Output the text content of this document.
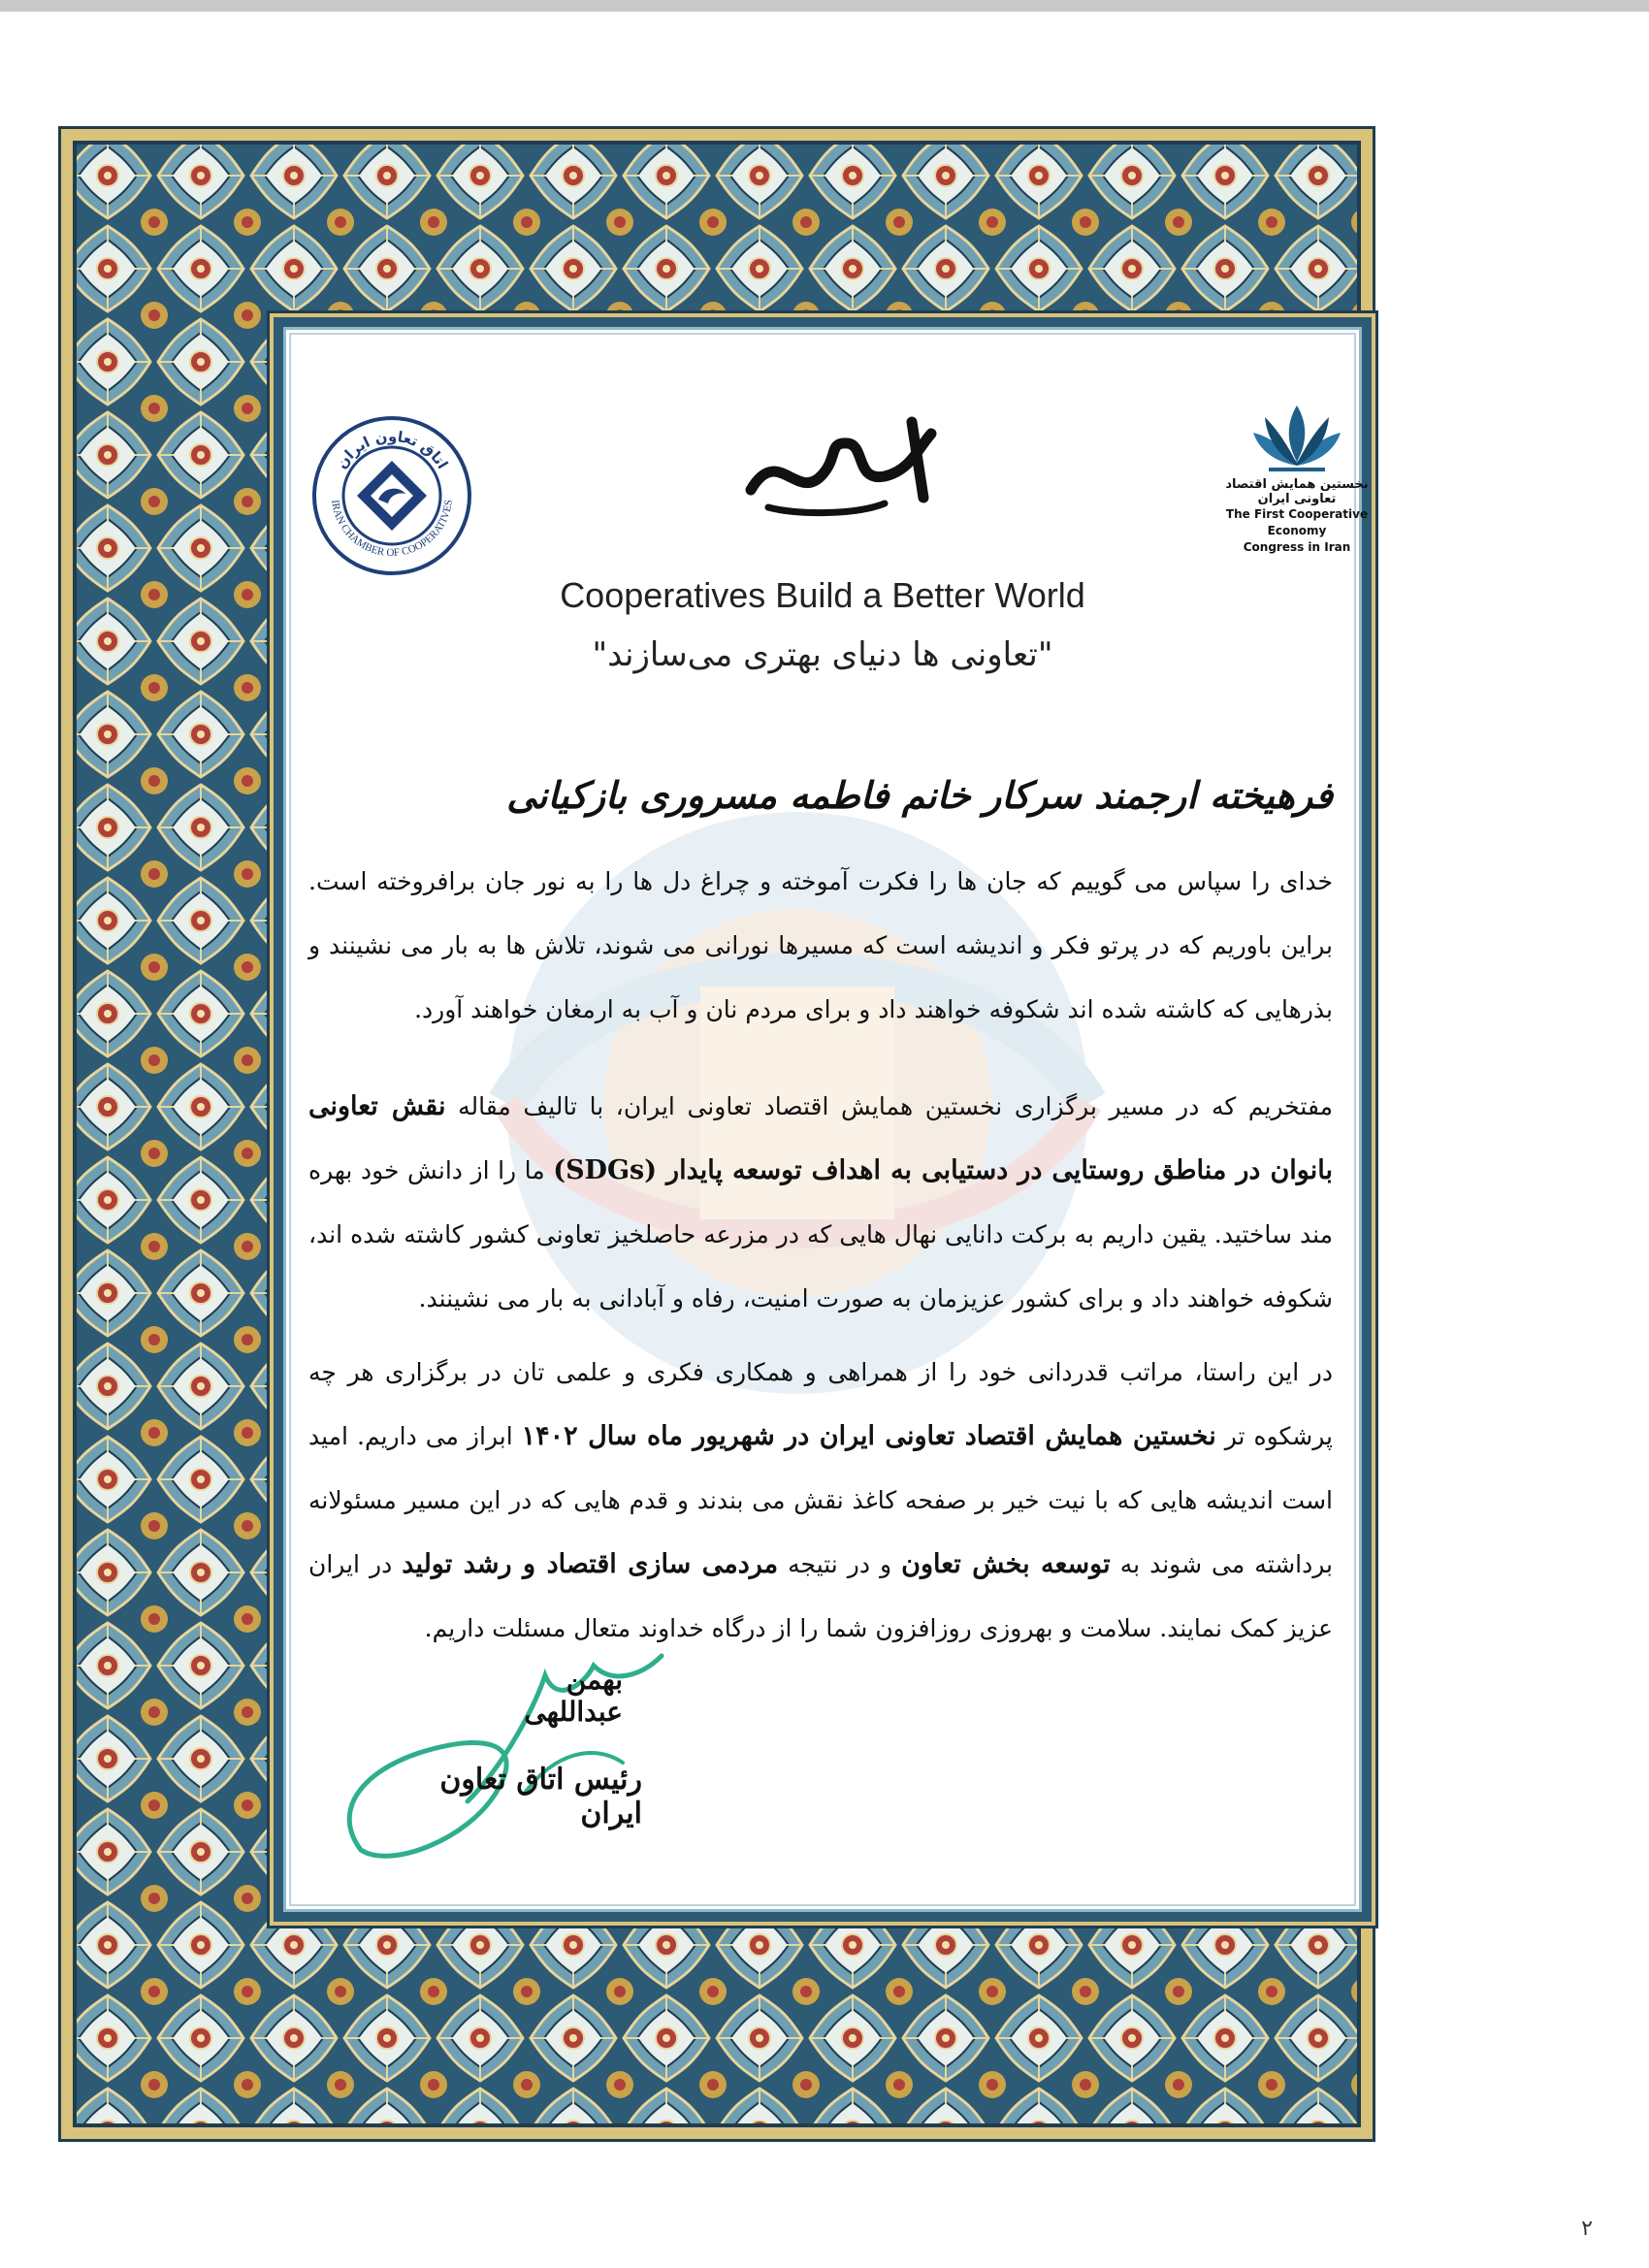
نخستین همایش اقتصاد تعاونی ایران
The First Cooperative Economy
Congress in Iran
اتاق تعاون ایران
IRAN CHAMBER OF COOPERATIVES
Cooperatives Build a Better World
"تعاونی ها دنیای بهتری می‌سازند"
فرهیخته ارجمند سرکار خانم فاطمه مسروری بازکیانی

خدای را سپاس می گوییم که جان ها را فکرت آموخته و چراغ دل ها را به نور جان برافروخته است. براین باوریم که در پرتو فکر و اندیشه است که مسیرها نورانی می شوند، تلاش ها به بار می نشینند و بذرهایی که کاشته شده اند شکوفه خواهند داد و برای مردم نان و آب به ارمغان خواهند آورد.

مفتخریم که در مسیر برگزاری نخستین همایش اقتصاد تعاونی ایران، با تالیف مقاله نقش تعاونی بانوان در مناطق روستایی در دستیابی به اهداف توسعه پایدار (SDGs) ما را از دانش خود بهره مند ساختید. یقین داریم به برکت دانایی نهال هایی که در مزرعه حاصلخیز تعاونی کشور کاشته شده اند، شکوفه خواهند داد و برای کشور عزیزمان به صورت امنیت، رفاه و آبادانی به بار می نشینند.

در این راستا، مراتب قدردانی خود را از همراهی و همکاری فکری و علمی تان در برگزاری هر چه پرشکوه تر نخستین همایش اقتصاد تعاونی ایران در شهریور ماه سال ۱۴۰۲ ابراز می داریم. امید است اندیشه هایی که با نیت خیر بر صفحه کاغذ نقش می بندند و قدم هایی که در این مسیر مسئولانه برداشته می شوند به توسعه بخش تعاون و در نتیجه مردمی سازی اقتصاد و رشد تولید در ایران عزیز کمک نمایند. سلامت و بهروزی روزافزون شما را از درگاه خداوند متعال مسئلت داریم.

بهمن عبداللهی
رئیس اتاق تعاون ایران
۲
